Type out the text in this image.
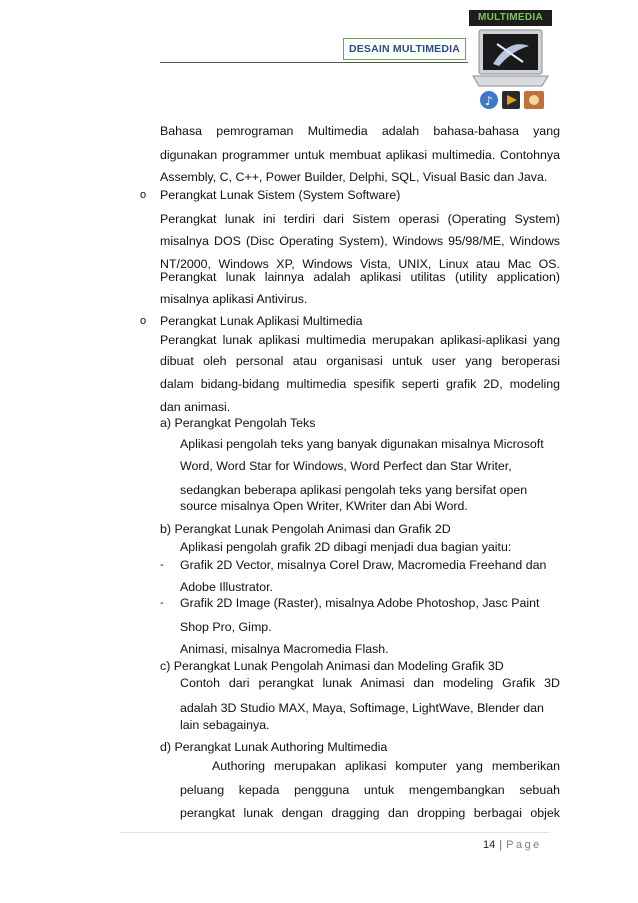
DESAIN MULTIMEDIA
MULTIMEDIA
♪
Bahasa pemrograman Multimedia adalah bahasa-bahasa yang
digunakan programmer untuk membuat aplikasi multimedia. Contohnya
Assembly, C, C++, Power Builder, Delphi, SQL, Visual Basic dan Java.
Perangkat Lunak Sistem (System Software)
o
Perangkat lunak ini terdiri dari Sistem operasi (Operating System)
misalnya DOS (Disc Operating System), Windows 95/98/ME, Windows
NT/2000, Windows XP, Windows Vista, UNIX, Linux atau Mac OS.
Perangkat lunak lainnya adalah aplikasi utilitas (utility application)
misalnya aplikasi Antivirus.
Perangkat Lunak Aplikasi Multimedia
o
Perangkat lunak aplikasi multimedia merupakan aplikasi-aplikasi yang
dibuat oleh personal atau organisasi untuk user yang beroperasi
dalam bidang-bidang multimedia spesifik seperti grafik 2D, modeling
dan animasi.
a) Perangkat Pengolah Teks
Aplikasi pengolah teks yang banyak digunakan misalnya Microsoft
Word, Word Star for Windows, Word Perfect dan Star Writer,
sedangkan beberapa aplikasi pengolah teks yang bersifat open
source misalnya Open Writer, KWriter dan Abi Word.
b) Perangkat Lunak Pengolah Animasi dan Grafik 2D
Aplikasi pengolah grafik 2D dibagi menjadi dua bagian yaitu:
Grafik 2D Vector, misalnya Corel Draw, Macromedia Freehand dan
-
Adobe Illustrator.
Grafik 2D Image (Raster), misalnya Adobe Photoshop, Jasc Paint
-
Shop Pro, Gimp.
Animasi, misalnya Macromedia Flash.
c) Perangkat Lunak Pengolah Animasi dan Modeling Grafik 3D
Contoh dari perangkat lunak Animasi dan modeling Grafik 3D
adalah 3D Studio MAX, Maya, Softimage, LightWave, Blender dan
lain sebagainya.
d) Perangkat Lunak Authoring Multimedia
Authoring merupakan aplikasi komputer yang memberikan
peluang kepada pengguna untuk mengembangkan sebuah
perangkat lunak dengan dragging dan dropping berbagai objek
14 | Page
